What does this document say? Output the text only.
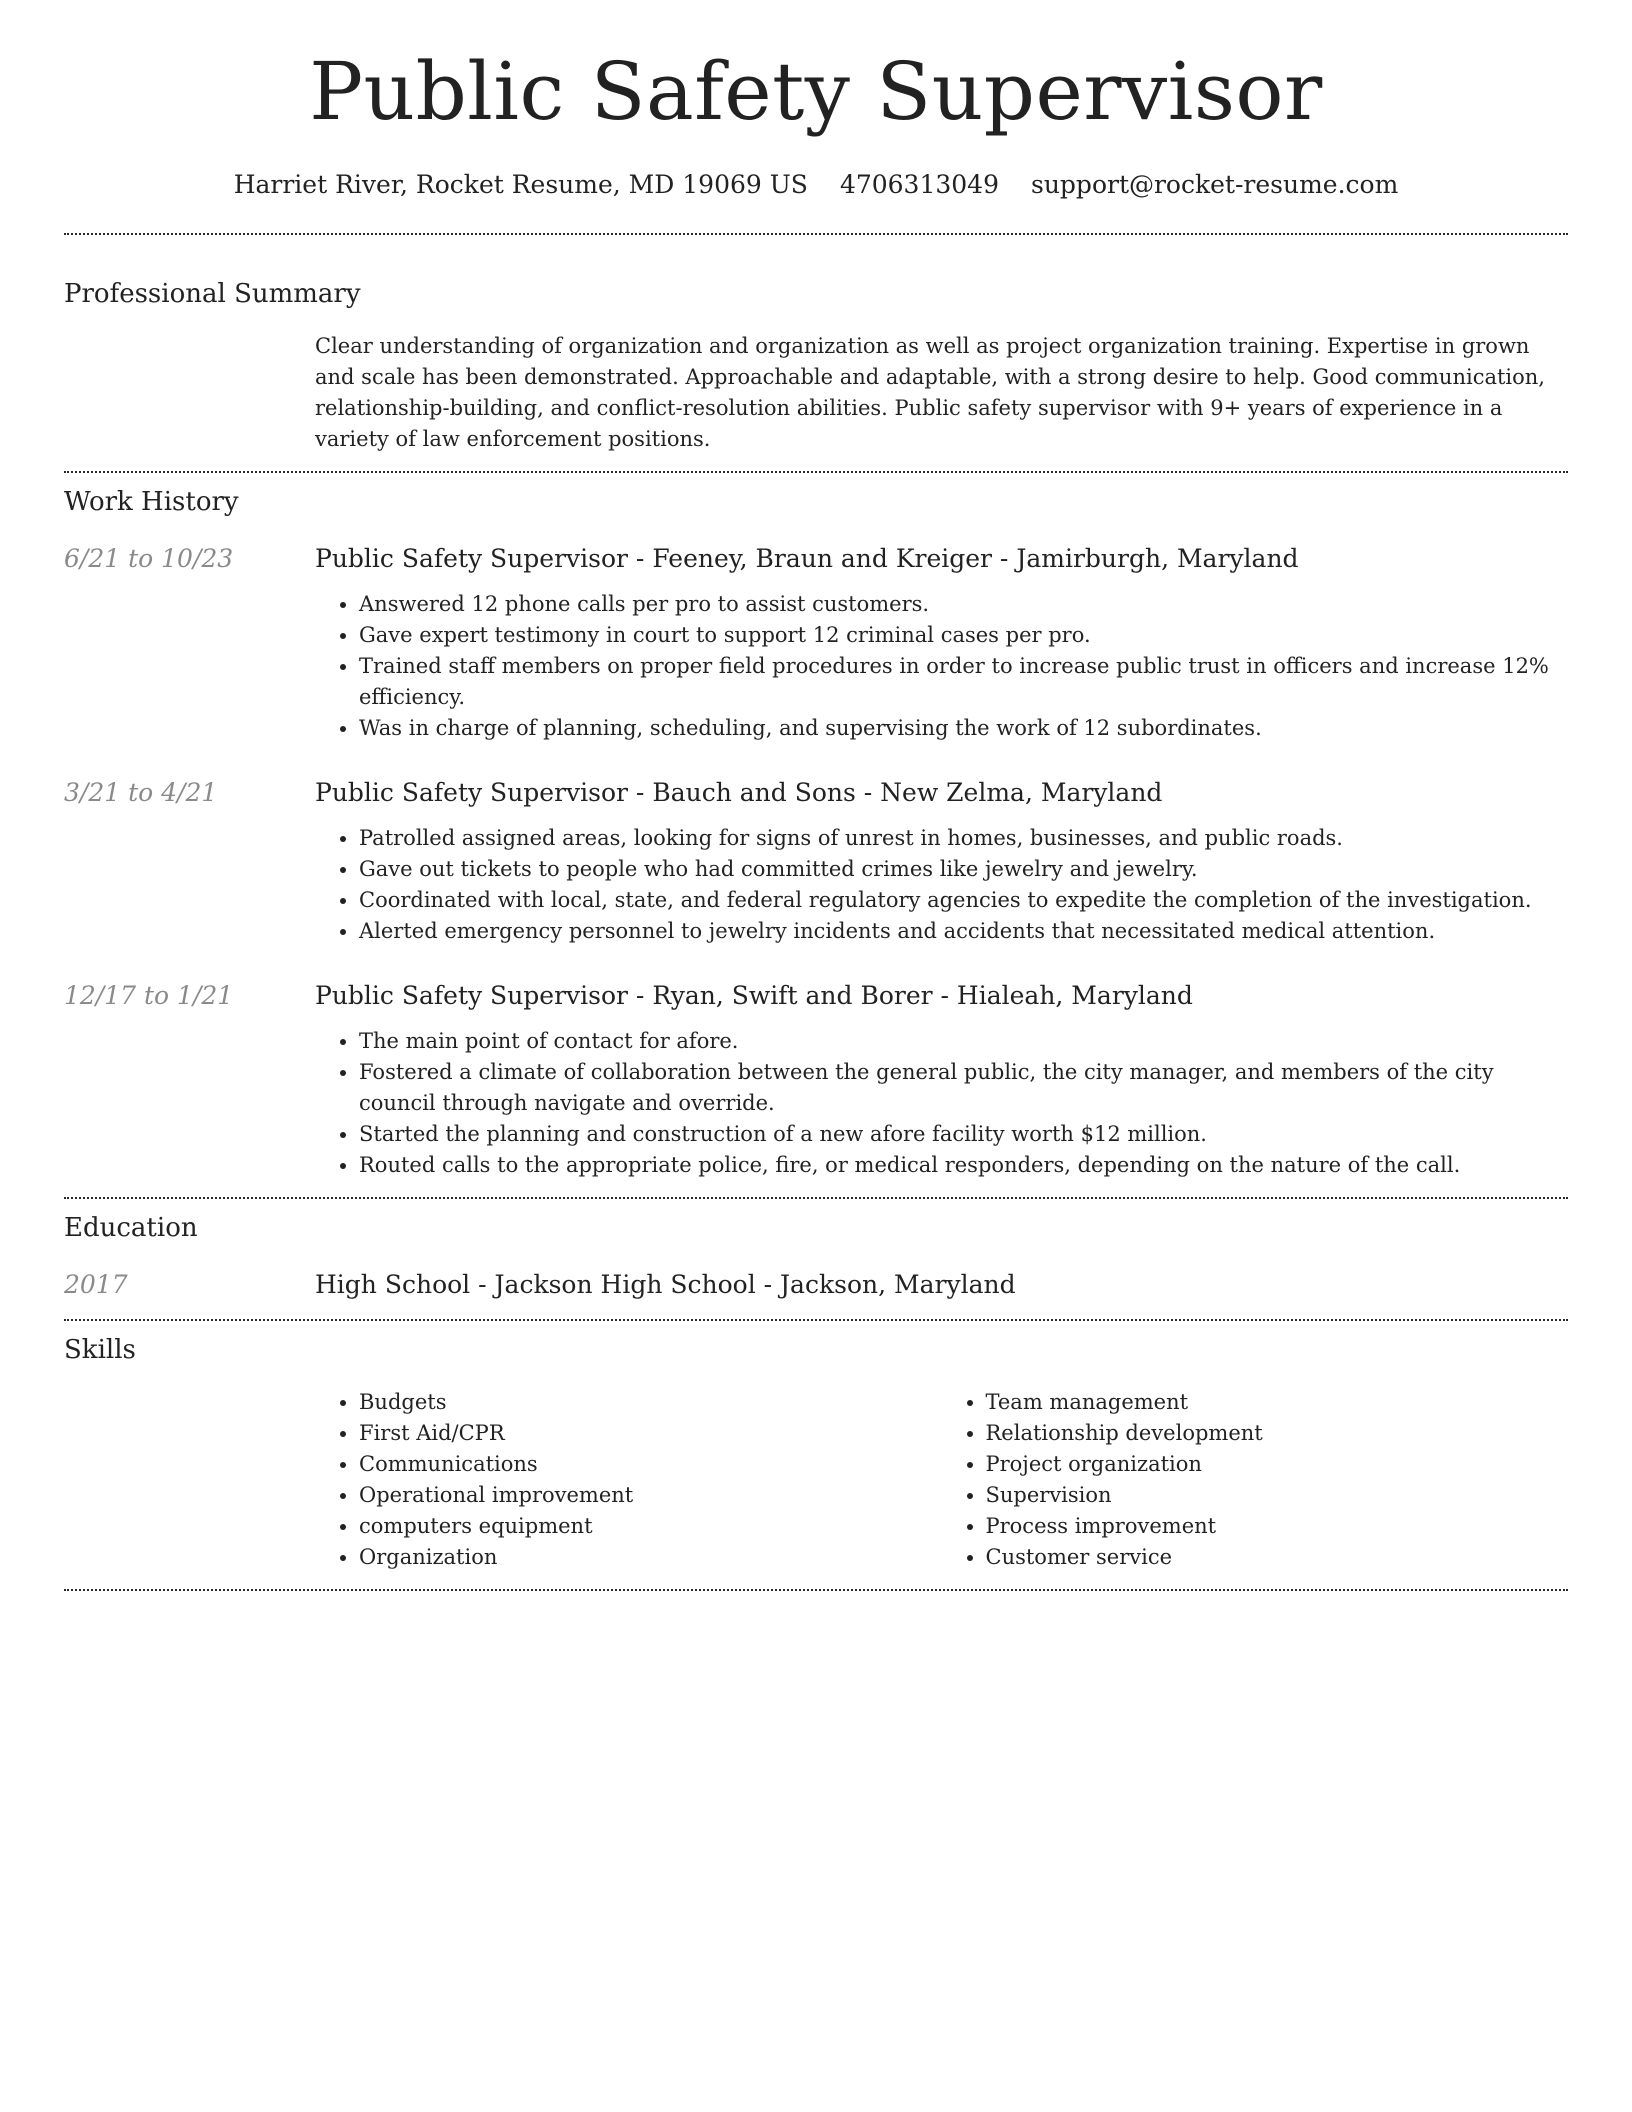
Public Safety Supervisor
Harriet River, Rocket Resume, MD 19069 US 4706313049 support@rocket-resume.com
Professional Summary
Clear understanding of organization and organization as well as project organization training. Expertise in grown and scale has been demonstrated. Approachable and adaptable, with a strong desire to help. Good communication, relationship-building, and conflict-resolution abilities. Public safety supervisor with 9+ years of experience in a variety of law enforcement positions.
Work History
6/21 to 10/23	Public Safety Supervisor - Feeney, Braun and Kreiger - Jamirburgh, Maryland
• Answered 12 phone calls per pro to assist customers.
• Gave expert testimony in court to support 12 criminal cases per pro.
• Trained staff members on proper field procedures in order to increase public trust in officers and increase 12% efficiency.
• Was in charge of planning, scheduling, and supervising the work of 12 subordinates.
3/21 to 4/21	Public Safety Supervisor - Bauch and Sons - New Zelma, Maryland
• Patrolled assigned areas, looking for signs of unrest in homes, businesses, and public roads.
• Gave out tickets to people who had committed crimes like jewelry and jewelry.
• Coordinated with local, state, and federal regulatory agencies to expedite the completion of the investigation.
• Alerted emergency personnel to jewelry incidents and accidents that necessitated medical attention.
12/17 to 1/21	Public Safety Supervisor - Ryan, Swift and Borer - Hialeah, Maryland
• The main point of contact for afore.
• Fostered a climate of collaboration between the general public, the city manager, and members of the city council through navigate and override.
• Started the planning and construction of a new afore facility worth $12 million.
• Routed calls to the appropriate police, fire, or medical responders, depending on the nature of the call.
Education
2017	High School - Jackson High School - Jackson, Maryland
Skills
• Budgets
• First Aid/CPR
• Communications
• Operational improvement
• computers equipment
• Organization
• Team management
• Relationship development
• Project organization
• Supervision
• Process improvement
• Customer service
